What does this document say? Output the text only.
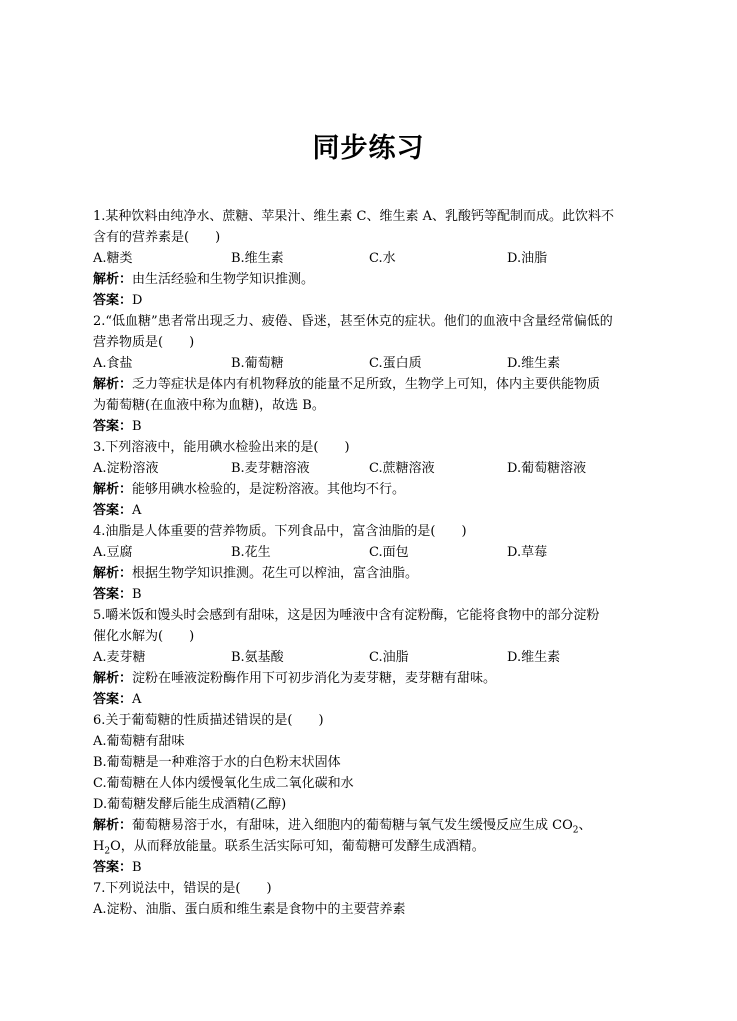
同步练习
1.某种饮料由纯净水、蔗糖、苹果汁、维生素 C、维生素 A、乳酸钙等配制而成。此饮料不
含有的营养素是(　　)
A.糖类	B.维生素	C.水	D.油脂
解析：由生活经验和生物学知识推测。
答案：D
2.“低血糖”患者常出现乏力、疲倦、昏迷，甚至休克的症状。他们的血液中含量经常偏低的
营养物质是(　　)
A.食盐	B.葡萄糖	C.蛋白质	D.维生素
解析：乏力等症状是体内有机物释放的能量不足所致，生物学上可知，体内主要供能物质
为葡萄糖(在血液中称为血糖)，故选 B。
答案：B
3.下列溶液中，能用碘水检验出来的是(　　)
A.淀粉溶液	B.麦芽糖溶液	C.蔗糖溶液	D.葡萄糖溶液
解析：能够用碘水检验的，是淀粉溶液。其他均不行。
答案：A
4.油脂是人体重要的营养物质。下列食品中，富含油脂的是(　　)
A.豆腐	B.花生	C.面包	D.草莓
解析：根据生物学知识推测。花生可以榨油，富含油脂。
答案：B
5.嚼米饭和馒头时会感到有甜味，这是因为唾液中含有淀粉酶，它能将食物中的部分淀粉
催化水解为(　　)
A.麦芽糖	B.氨基酸	C.油脂	D.维生素
解析：淀粉在唾液淀粉酶作用下可初步消化为麦芽糖，麦芽糖有甜味。
答案：A
6.关于葡萄糖的性质描述错误的是(　　)
A.葡萄糖有甜味
B.葡萄糖是一种难溶于水的白色粉末状固体
C.葡萄糖在人体内缓慢氧化生成二氧化碳和水
D.葡萄糖发酵后能生成酒精(乙醇)
解析：葡萄糖易溶于水，有甜味，进入细胞内的葡萄糖与氧气发生缓慢反应生成 $CO_2$、
$H_2O$，从而释放能量。联系生活实际可知，葡萄糖可发酵生成酒精。
答案：B
7.下列说法中，错误的是(　　)
A.淀粉、油脂、蛋白质和维生素是食物中的主要营养素
